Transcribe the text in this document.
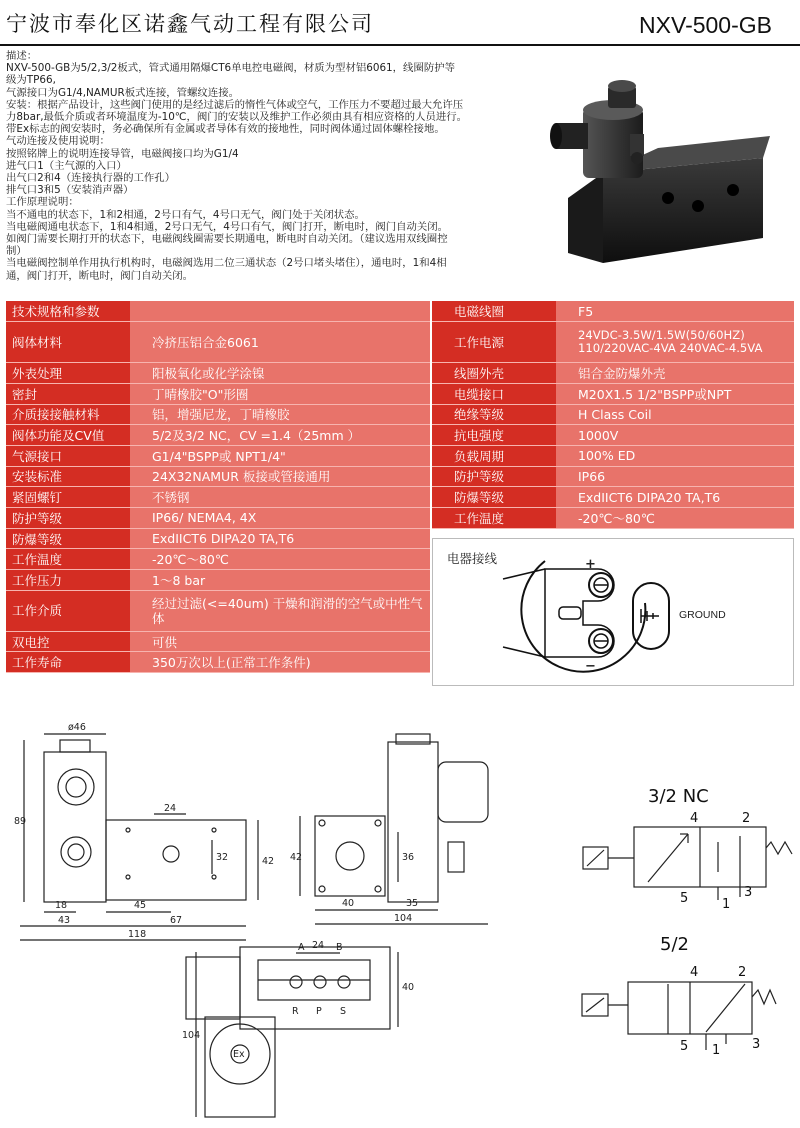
宁波市奉化区诺鑫气动工程有限公司	NXV-500-GB
描述：
NXV-500-GB为5/2,3/2板式，管式通用隔爆CT6单电控电磁阀，材质为型材铝6061，线圈防护等
级为TP66,
气源接口为G1/4,NAMUR板式连接，管螺纹连接。
安装：根据产品设计，这些阀门使用的是经过滤后的惰性气体或空气，工作压力不要超过最大允许压
力8bar,最低介质或者环境温度为-10℃，阀门的安装以及维护工作必须由具有相应资格的人员进行。
带Ex标志的阀安装时，务必确保所有金属或者导体有效的接地性，同时阀体通过固体螺栓接地。
气动连接及使用说明：
按照铭牌上的说明连接导管，电磁阀接口均为G1/4
进气口1（主气源的入口）
出气口2和4（连接执行器的工作孔）
排气口3和5（安装消声器）
工作原理说明：
当不通电的状态下，1和2相通，2号口有气，4号口无气，阀门处于关闭状态。
当电磁阀通电状态下，1和4相通，2号口无气，4号口有气，阀门打开，断电时，阀门自动关闭。
如阀门需要长期打开的状态下，电磁阀线圈需要长期通电，断电时自动关闭。（建议选用双线圈控
制）
当电磁阀控制单作用执行机构时，电磁阀选用二位三通状态（2号口堵头堵住），通电时，1和4相
通，阀门打开，断电时，阀门自动关闭。
技术规格和参数	
阀体材料	冷挤压铝合金6061
外表处理	阳极氧化或化学涂镍
密封	丁晴橡胶"O"形圈
介质接接触材料	铝，增强尼龙，丁晴橡胶
阀体功能及CV值	5/2及3/2 NC，CV =1.4（25mm ）
气源接口	G1/4"BSPP或 NPT1/4"
安装标准	24X32NAMUR 板接或管接通用
紧固螺钉	不锈钢
防护等级	IP66/ NEMA4, 4X
防爆等级	ExdIICT6 DIPA20 TA,T6
工作温度	-20℃～80℃
工作压力	1～8 bar
工作介质	经过过滤(<=40um) 干燥和润滑的空气或中性气体
双电控	可供
工作寿命	350万次以上(正常工作条件)
电磁线圈	F5
工作电源	24VDC-3.5W/1.5W(50/60HZ)
110/220VAC-4VA 240VAC-4.5VA
线圈外壳	铝合金防爆外壳
电缆接口	M20X1.5 1/2"BSPP或NPT
绝缘等级	H Class Coil
抗电强度	1000V
负载周期	100% ED
防护等级	IP66
防爆等级	ExdIICT6 DIPA20 TA,T6
工作温度	-20℃～80℃
电器接线	+
−
GROUND
ø46
89
24
32	42
18	45
43	67
118
42	36
40	35
104
A	B
24
40
104
R P S
Ex
3/2 NC
4	2
5	1
3
5/2
4	2
5 1 3
